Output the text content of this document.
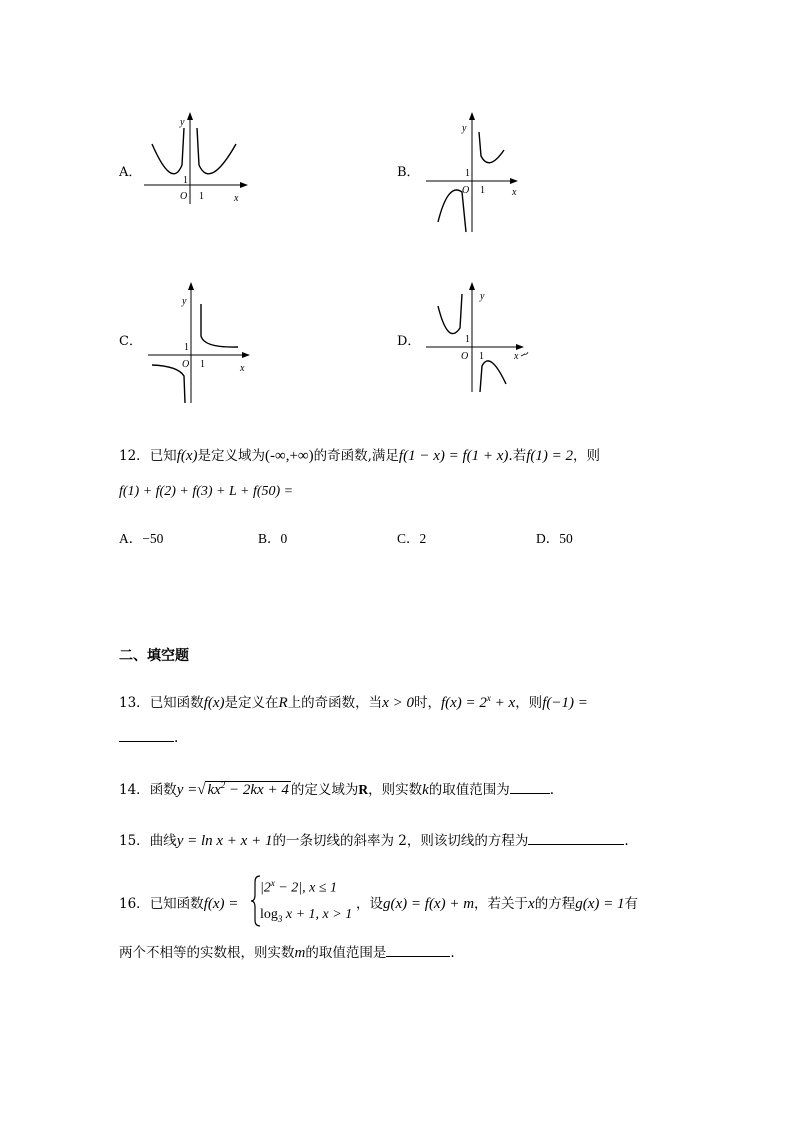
A．
y
1
O 1	x
B．
y
1
O 1	x
C．
y
1
O 1	x
D．
y
1
O 1	x
12．已知f(x)是定义域为(-∞,+∞)的奇函数,满足f(1 − x) = f(1 + x).若f(1) = 2，则
f(1) + f(2) + f(3) + L + f(50) =
A．−50	B．0	C．2	D．50
二、填空题
13．已知函数f(x)是定义在R上的奇函数，当x > 0时，$f(x) = 2^x + x$，则f(−1) =
.
14．函数y =√ $kx^2 - 2kx + 4$ 的定义域为R，则实数k的取值范围为	.
15．曲线y = ln x + x + 1的一条切线的斜率为 2，则该切线的方程为	.
16．已知函数f(x) =
$|2^x - 2|$, x ≤ 1
$\log_3 x + 1$, x > 1
，设g(x) = f(x) + m，若关于x的方程g(x) = 1有
两个不相等的实数根，则实数m的取值范围是	.
